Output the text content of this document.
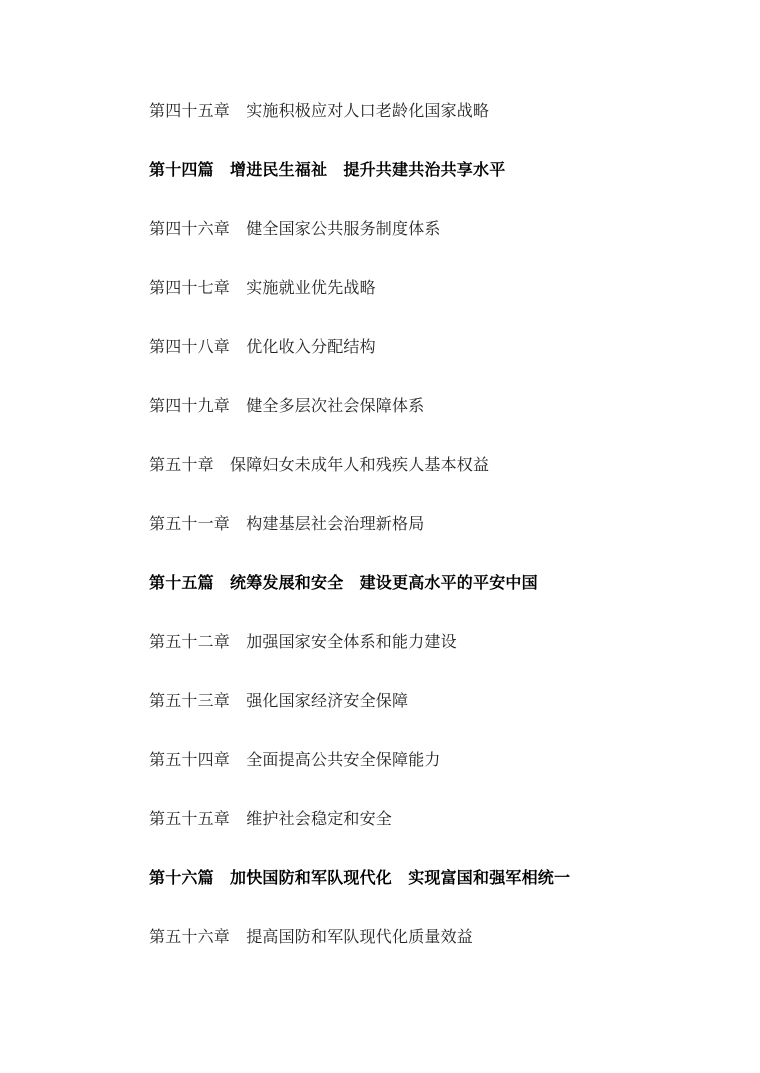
第四十五章　实施积极应对人口老龄化国家战略
第十四篇　增进民生福祉　提升共建共治共享水平
第四十六章　健全国家公共服务制度体系
第四十七章　实施就业优先战略
第四十八章　优化收入分配结构
第四十九章　健全多层次社会保障体系
第五十章　保障妇女未成年人和残疾人基本权益
第五十一章　构建基层社会治理新格局
第十五篇　统筹发展和安全　建设更高水平的平安中国
第五十二章　加强国家安全体系和能力建设
第五十三章　强化国家经济安全保障
第五十四章　全面提高公共安全保障能力
第五十五章　维护社会稳定和安全
第十六篇　加快国防和军队现代化　实现富国和强军相统一
第五十六章　提高国防和军队现代化质量效益
